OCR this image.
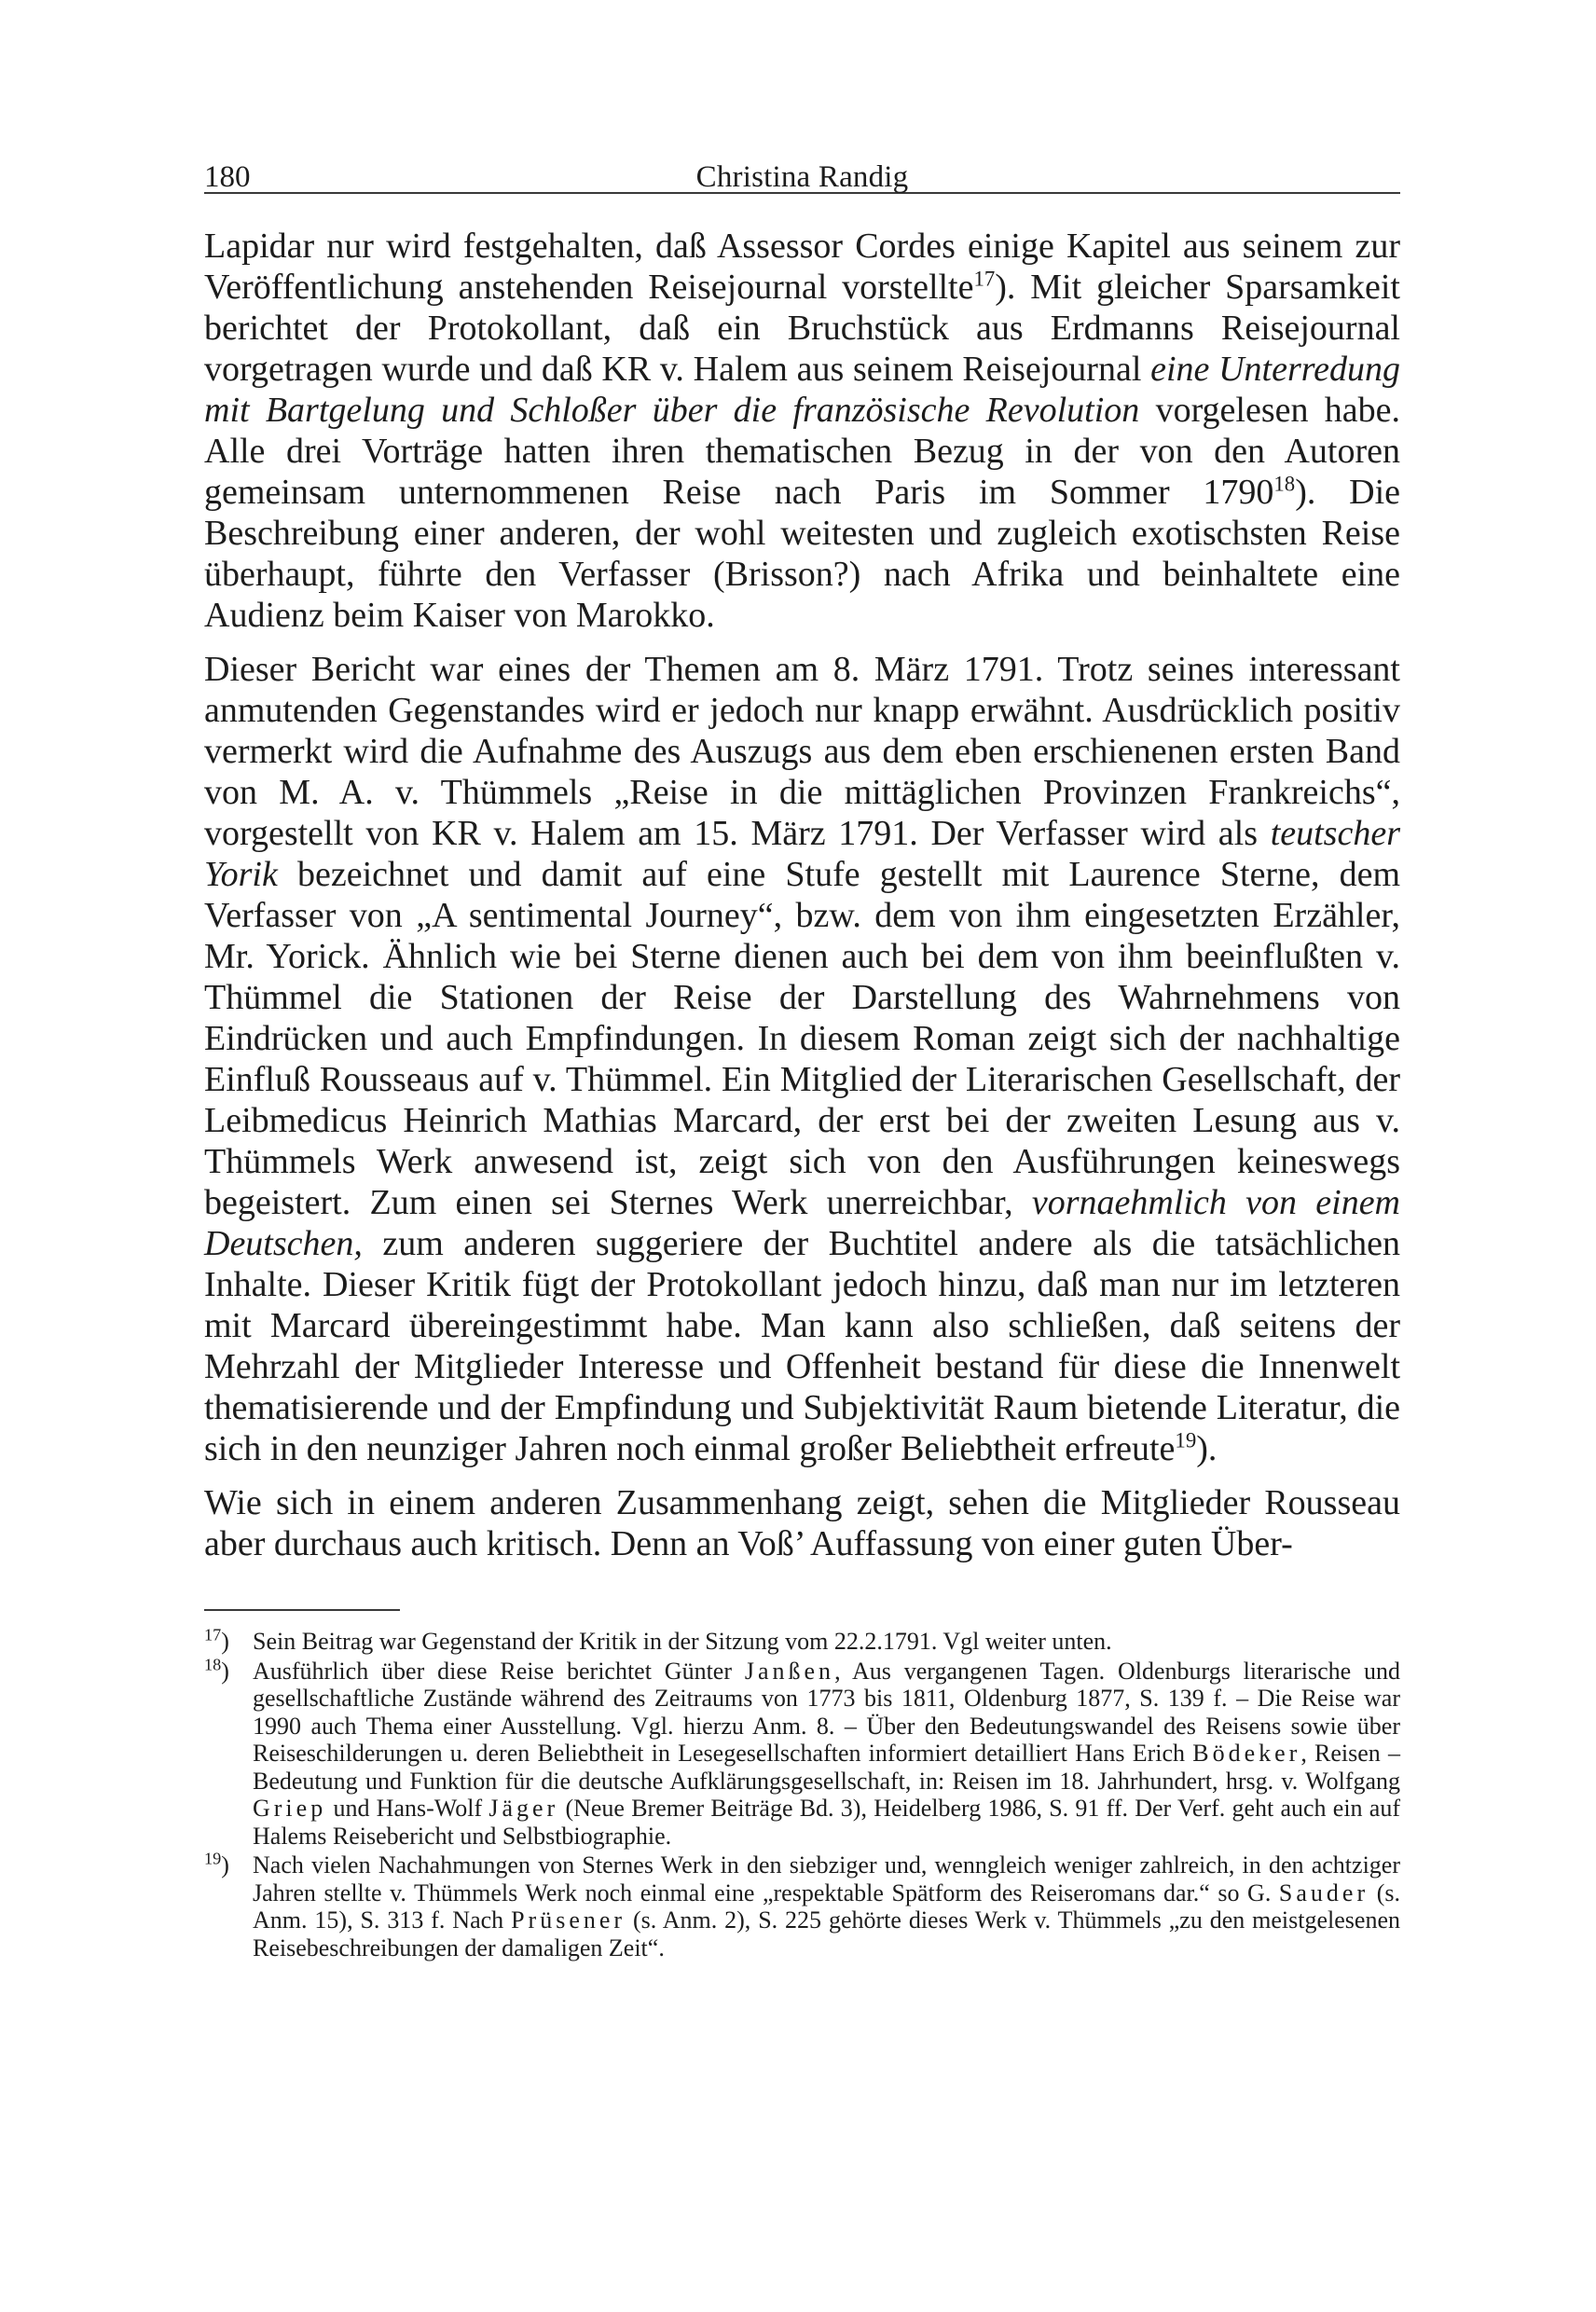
180	Christina Randig

Lapidar nur wird festgehalten, daß Assessor Cordes einige Kapitel aus seinem zur Veröffentlichung anstehenden Reisejournal vorstellte$^{17}$). Mit gleicher Sparsamkeit berichtet der Protokollant, daß ein Bruchstück aus Erdmanns Reisejournal vorgetragen wurde und daß KR v. Halem aus seinem Reisejournal eine Unterredung mit Bartgelung und Schloßer über die französische Revolution vorgelesen habe. Alle drei Vorträge hatten ihren thematischen Bezug in der von den Autoren gemeinsam unternommenen Reise nach Paris im Sommer 1790$^{18}$). Die Beschreibung einer anderen, der wohl weitesten und zugleich exotischsten Reise überhaupt, führte den Verfasser (Brisson?) nach Afrika und beinhaltete eine Audienz beim Kaiser von Marokko.

Dieser Bericht war eines der Themen am 8. März 1791. Trotz seines interessant anmutenden Gegenstandes wird er jedoch nur knapp erwähnt. Ausdrücklich positiv vermerkt wird die Aufnahme des Auszugs aus dem eben erschienenen ersten Band von M. A. v. Thümmels „Reise in die mittäglichen Provinzen Frankreichs“, vorgestellt von KR v. Halem am 15. März 1791. Der Verfasser wird als teutscher Yorik bezeichnet und damit auf eine Stufe gestellt mit Laurence Sterne, dem Verfasser von „A sentimental Journey“, bzw. dem von ihm eingesetzten Erzähler, Mr. Yorick. Ähnlich wie bei Sterne dienen auch bei dem von ihm beeinflußten v. Thümmel die Stationen der Reise der Darstellung des Wahrnehmens von Eindrücken und auch Empfindungen. In diesem Roman zeigt sich der nachhaltige Einfluß Rousseaus auf v. Thümmel. Ein Mitglied der Literarischen Gesellschaft, der Leibmedicus Heinrich Mathias Marcard, der erst bei der zweiten Lesung aus v. Thümmels Werk anwesend ist, zeigt sich von den Ausführungen keineswegs begeistert. Zum einen sei Sternes Werk unerreichbar, vornaehmlich von einem Deutschen, zum anderen suggeriere der Buchtitel andere als die tatsächlichen Inhalte. Dieser Kritik fügt der Protokollant jedoch hinzu, daß man nur im letzteren mit Marcard übereingestimmt habe. Man kann also schließen, daß seitens der Mehrzahl der Mitglieder Interesse und Offenheit bestand für diese die Innenwelt thematisierende und der Empfindung und Subjektivität Raum bietende Literatur, die sich in den neunziger Jahren noch einmal großer Beliebtheit erfreute$^{19}$).

Wie sich in einem anderen Zusammenhang zeigt, sehen die Mitglieder Rousseau aber durchaus auch kritisch. Denn an Voß’ Auffassung von einer guten Über-

$^{17}$) Sein Beitrag war Gegenstand der Kritik in der Sitzung vom 22.2.1791. Vgl weiter unten.

$^{18}$) Ausführlich über diese Reise berichtet Günter Janßen, Aus vergangenen Tagen. Oldenburgs literarische und gesellschaftliche Zustände während des Zeitraums von 1773 bis 1811, Oldenburg 1877, S. 139 f. – Die Reise war 1990 auch Thema einer Ausstellung. Vgl. hierzu Anm. 8. – Über den Bedeutungswandel des Reisens sowie über Reiseschilderungen u. deren Beliebtheit in Lesegesellschaften informiert detailliert Hans Erich Bödeker, Reisen – Bedeutung und Funktion für die deutsche Aufklärungsgesellschaft, in: Reisen im 18. Jahrhundert, hrsg. v. Wolfgang Griep und Hans-Wolf Jäger (Neue Bremer Beiträge Bd. 3), Heidelberg 1986, S. 91 ff. Der Verf. geht auch ein auf Halems Reisebericht und Selbstbiographie.

$^{19}$) Nach vielen Nachahmungen von Sternes Werk in den siebziger und, wenngleich weniger zahlreich, in den achtziger Jahren stellte v. Thümmels Werk noch einmal eine „respektable Spätform des Reiseromans dar.“ so G. Sauder (s. Anm. 15), S. 313 f. Nach Prüsener (s. Anm. 2), S. 225 gehörte dieses Werk v. Thümmels „zu den meistgelesenen Reisebeschreibungen der damaligen Zeit“.
